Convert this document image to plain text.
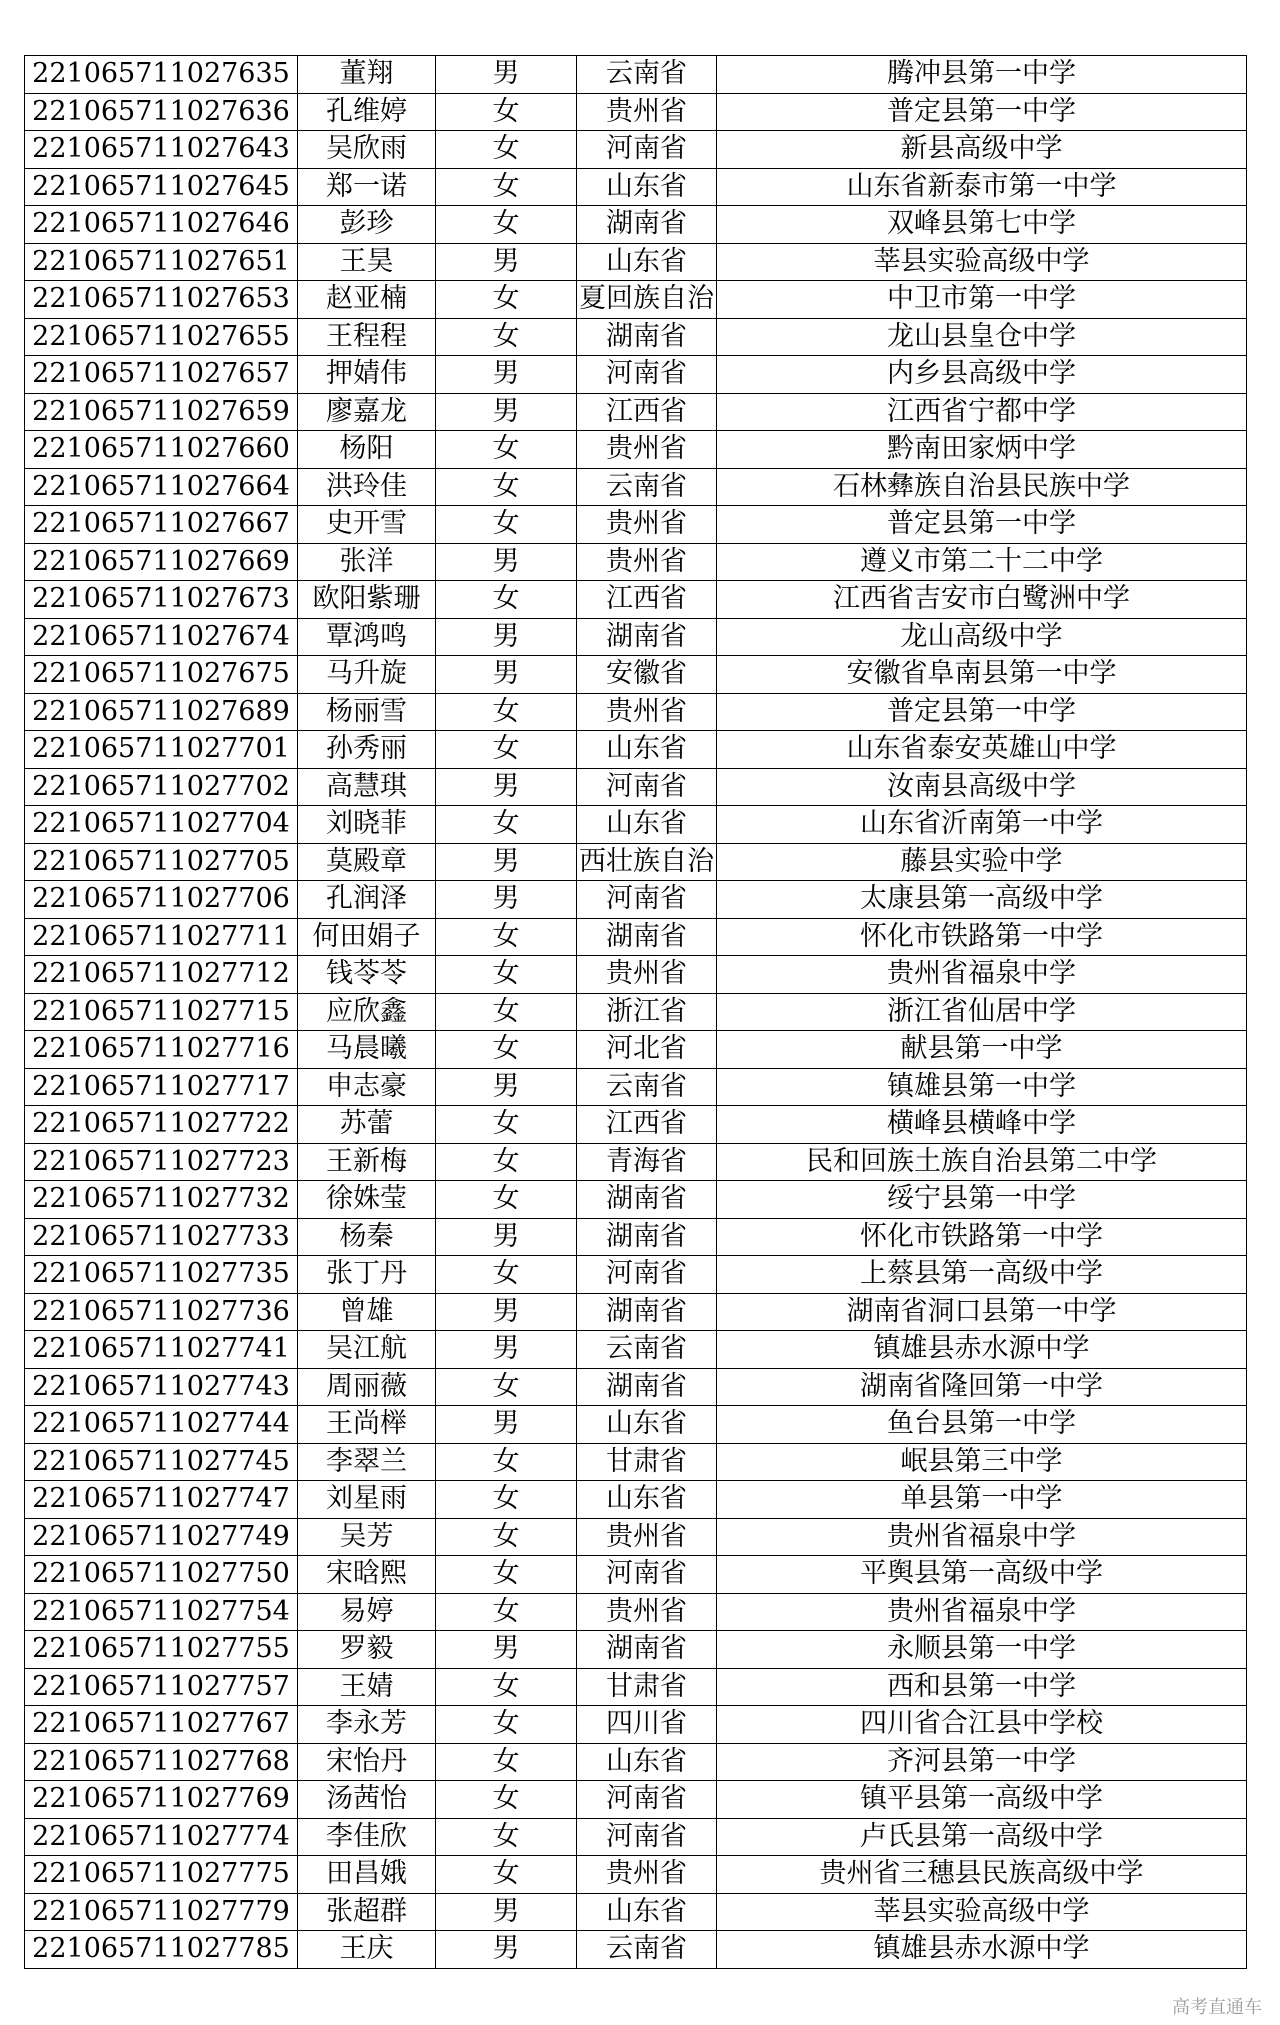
221065711027635	董翔	男	云南省	腾冲县第一中学
221065711027636	孔维婷	女	贵州省	普定县第一中学
221065711027643	吴欣雨	女	河南省	新县高级中学
221065711027645	郑一诺	女	山东省	山东省新泰市第一中学
221065711027646	彭珍	女	湖南省	双峰县第七中学
221065711027651	王昊	男	山东省	莘县实验高级中学
221065711027653	赵亚楠	女	夏回族自治	中卫市第一中学
221065711027655	王程程	女	湖南省	龙山县皇仓中学
221065711027657	押婧伟	男	河南省	内乡县高级中学
221065711027659	廖嘉龙	男	江西省	江西省宁都中学
221065711027660	杨阳	女	贵州省	黔南田家炳中学
221065711027664	洪玲佳	女	云南省	石林彝族自治县民族中学
221065711027667	史开雪	女	贵州省	普定县第一中学
221065711027669	张洋	男	贵州省	遵义市第二十二中学
221065711027673	欧阳紫珊	女	江西省	江西省吉安市白鹭洲中学
221065711027674	覃鸿鸣	男	湖南省	龙山高级中学
221065711027675	马升旋	男	安徽省	安徽省阜南县第一中学
221065711027689	杨丽雪	女	贵州省	普定县第一中学
221065711027701	孙秀丽	女	山东省	山东省泰安英雄山中学
221065711027702	高慧琪	男	河南省	汝南县高级中学
221065711027704	刘晓菲	女	山东省	山东省沂南第一中学
221065711027705	莫殿章	男	西壮族自治	藤县实验中学
221065711027706	孔润泽	男	河南省	太康县第一高级中学
221065711027711	何田娟子	女	湖南省	怀化市铁路第一中学
221065711027712	钱苓苓	女	贵州省	贵州省福泉中学
221065711027715	应欣鑫	女	浙江省	浙江省仙居中学
221065711027716	马晨曦	女	河北省	献县第一中学
221065711027717	申志豪	男	云南省	镇雄县第一中学
221065711027722	苏蕾	女	江西省	横峰县横峰中学
221065711027723	王新梅	女	青海省	民和回族土族自治县第二中学
221065711027732	徐姝莹	女	湖南省	绥宁县第一中学
221065711027733	杨秦	男	湖南省	怀化市铁路第一中学
221065711027735	张丁丹	女	河南省	上蔡县第一高级中学
221065711027736	曾雄	男	湖南省	湖南省洞口县第一中学
221065711027741	吴江航	男	云南省	镇雄县赤水源中学
221065711027743	周丽薇	女	湖南省	湖南省隆回第一中学
221065711027744	王尚榉	男	山东省	鱼台县第一中学
221065711027745	李翠兰	女	甘肃省	岷县第三中学
221065711027747	刘星雨	女	山东省	单县第一中学
221065711027749	吴芳	女	贵州省	贵州省福泉中学
221065711027750	宋晗熙	女	河南省	平舆县第一高级中学
221065711027754	易婷	女	贵州省	贵州省福泉中学
221065711027755	罗毅	男	湖南省	永顺县第一中学
221065711027757	王婧	女	甘肃省	西和县第一中学
221065711027767	李永芳	女	四川省	四川省合江县中学校
221065711027768	宋怡丹	女	山东省	齐河县第一中学
221065711027769	汤茜怡	女	河南省	镇平县第一高级中学
221065711027774	李佳欣	女	河南省	卢氏县第一高级中学
221065711027775	田昌娥	女	贵州省	贵州省三穗县民族高级中学
221065711027779	张超群	男	山东省	莘县实验高级中学
221065711027785	王庆	男	云南省	镇雄县赤水源中学
高考直通车
